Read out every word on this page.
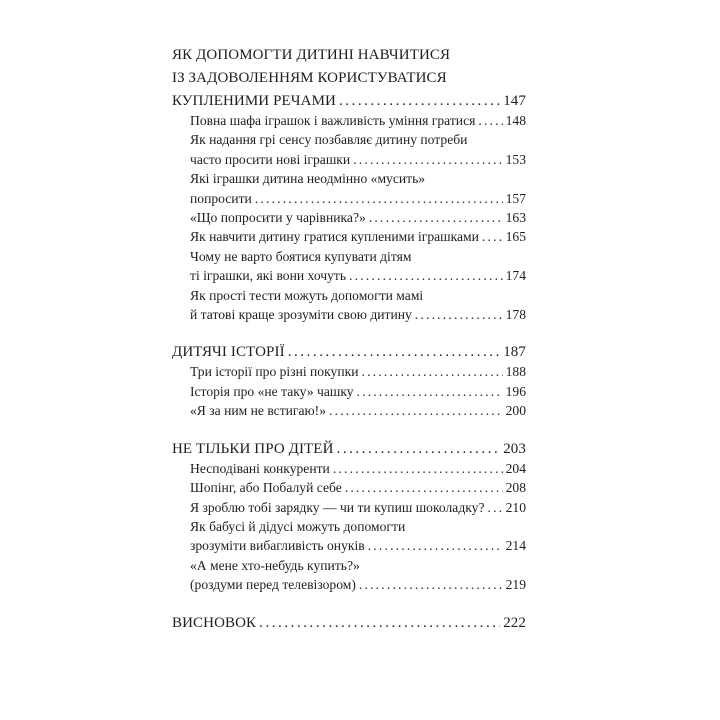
ЯК ДОПОМОГТИ ДИТИНІ НАВЧИТИСЯ
ІЗ ЗАДОВОЛЕННЯМ КОРИСТУВАТИСЯ
КУПЛЕНИМИ РЕЧАМИ . . .	147
Повна шафа іграшок і важливість уміння гратися . . . 148
Як надання грі сенсу позбавляє дитину потреби
часто просити нові іграшки . . .	153
Які іграшки дитина неодмінно «мусить»
попросити . . .	157
«Що попросити у чарівника?» . . .	163
Як навчити дитину гратися купленими іграшками . . . 165
Чому не варто боятися купувати дітям
ті іграшки, які вони хочуть . . .	174
Як прості тести можуть допомогти мамі
й татові краще зрозуміти свою дитину . . .	178
ДИТЯЧІ ІСТОРІЇ . . .	187
Три історії про різні покупки . . .	188
Історія про «не таку» чашку . . .	196
«Я за ним не встигаю!» . . .	200
НЕ ТІЛЬКИ ПРО ДІТЕЙ . . .	203
Несподівані конкуренти . . .	204
Шопінг, або Побалуй себе . . .	208
Я зроблю тобі зарядку — чи ти купиш шоколадку? . . . 210
Як бабусі й дідусі можуть допомогти
зрозуміти вибагливість онуків . . .	214
«А мене хто-небудь купить?»
(роздуми перед телевізором) . . .	219
ВИСНОВОК . . .	222
